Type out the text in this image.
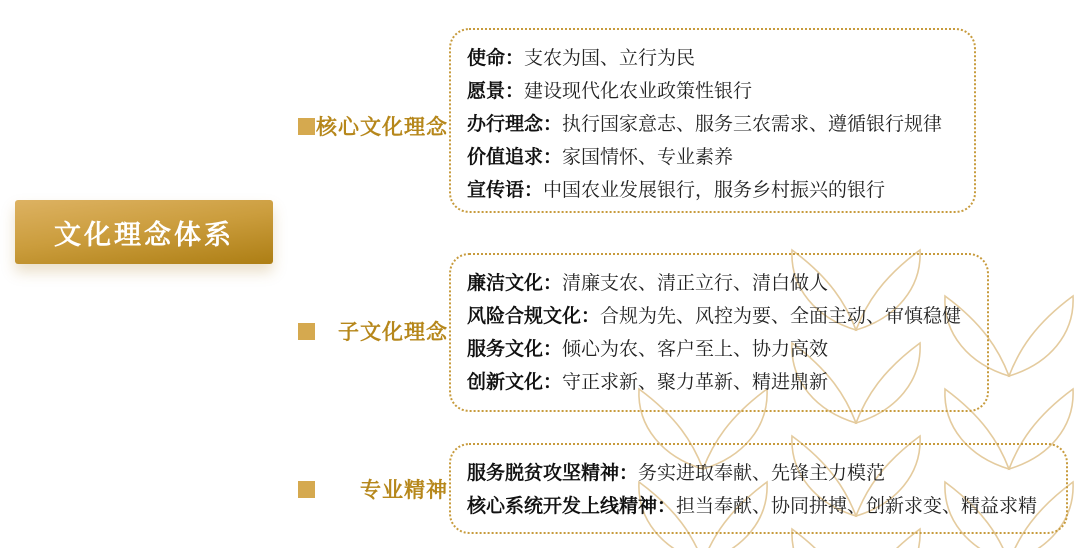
文化理念体系
核心文化理念
子文化理念
专业精神
使命： 支农为国、立行为民
愿景： 建设现代化农业政策性银行
办行理念： 执行国家意志、服务三农需求、遵循银行规律
价值追求： 家国情怀、专业素养
宣传语： 中国农业发展银行，服务乡村振兴的银行
廉洁文化： 清廉支农、清正立行、清白做人
风险合规文化： 合规为先、风控为要、全面主动、审慎稳健
服务文化： 倾心为农、客户至上、协力高效
创新文化： 守正求新、聚力革新、精进鼎新
服务脱贫攻坚精神： 务实进取奉献、先锋主力模范
核心系统开发上线精神： 担当奉献、协同拼搏、创新求变、精益求精
